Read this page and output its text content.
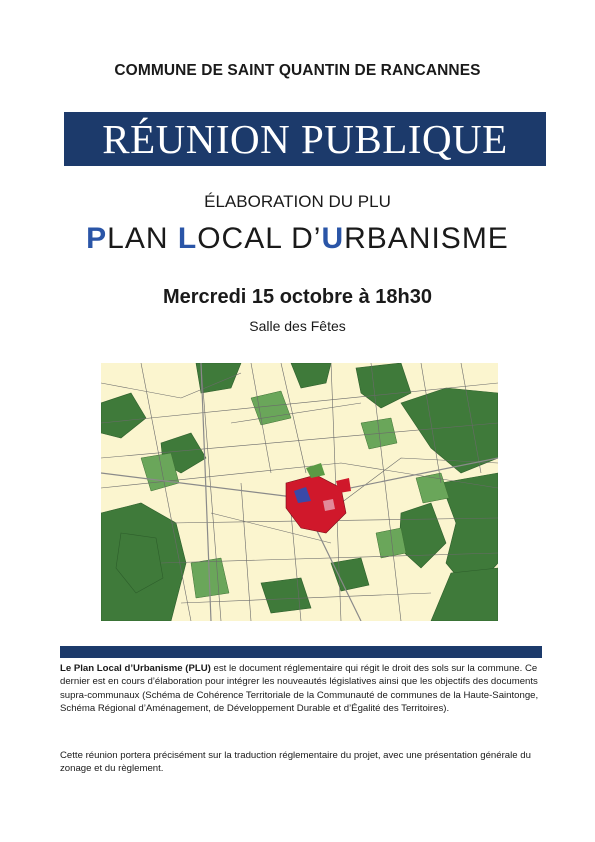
COMMUNE DE SAINT QUANTIN DE RANCANNES
RÉUNION PUBLIQUE
ÉLABORATION DU PLU
PLAN LOCAL D’URBANISME
Mercredi 15 octobre à 18h30
Salle des Fêtes

Le Plan Local d’Urbanisme (PLU) est le document réglementaire qui régit le droit des sols sur la commune. Ce dernier est en cours d’élaboration pour intégrer les nouveautés législatives ainsi que les objectifs des documents supra-communaux (Schéma de Cohérence Territoriale de la Communauté de communes de la Haute-Saintonge, Schéma Régional d’Aménagement, de Développement Durable et d’Égalité des Territoires).

Cette réunion portera précisément sur la traduction réglementaire du projet, avec une présentation générale du zonage et du règlement.
